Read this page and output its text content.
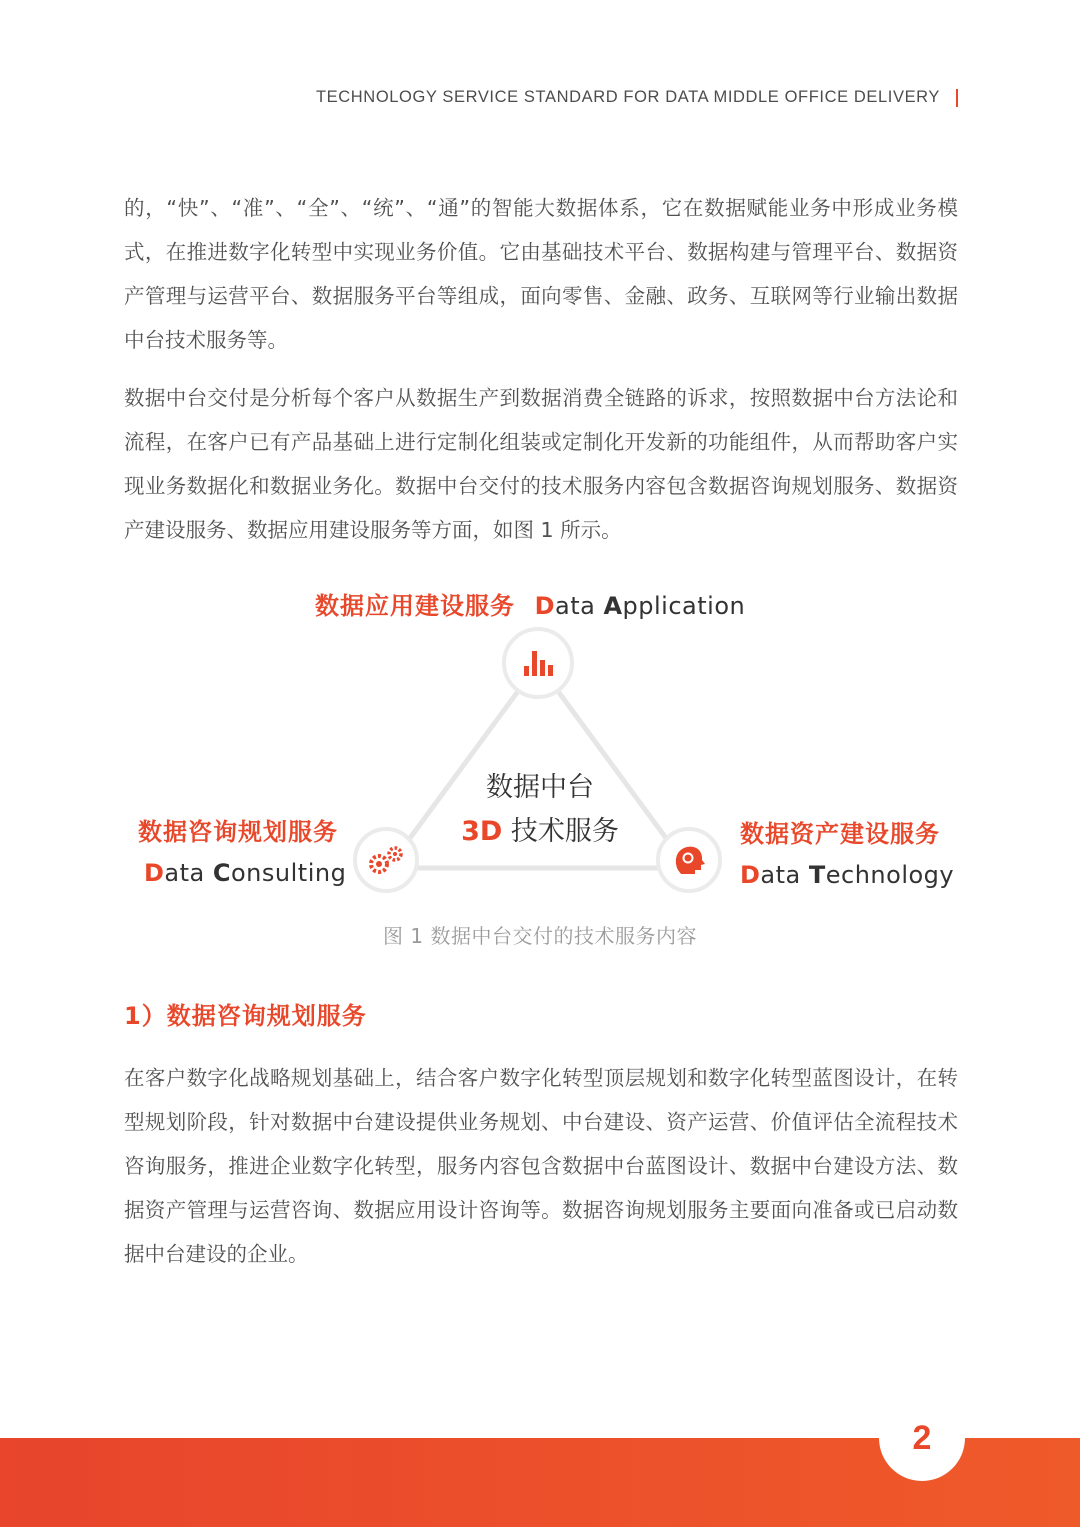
TECHNOLOGY SERVICE STANDARD FOR DATA MIDDLE OFFICE DELIVERY

的，“快”、“准”、“全”、“统”、“通”的智能大数据体系，它在数据赋能业务中形成业务模式，在推进数字化转型中实现业务价值。它由基础技术平台、数据构建与管理平台、数据资产管理与运营平台、数据服务平台等组成，面向零售、金融、政务、互联网等行业输出数据中台技术服务等。

数据中台交付是分析每个客户从数据生产到数据消费全链路的诉求，按照数据中台方法论和流程，在客户已有产品基础上进行定制化组装或定制化开发新的功能组件，从而帮助客户实现业务数据化和数据业务化。数据中台交付的技术服务内容包含数据咨询规划服务、数据资产建设服务、数据应用建设服务等方面，如图 1 所示。

数据应用建设服务 Data Application
数据咨询规划服务
Data Consulting
数据资产建设服务
Data Technology
数据中台
3D 技术服务
图 1 数据中台交付的技术服务内容
1）数据咨询规划服务

在客户数字化战略规划基础上，结合客户数字化转型顶层规划和数字化转型蓝图设计，在转型规划阶段，针对数据中台建设提供业务规划、中台建设、资产运营、价值评估全流程技术咨询服务，推进企业数字化转型，服务内容包含数据中台蓝图设计、数据中台建设方法、数据资产管理与运营咨询、数据应用设计咨询等。数据咨询规划服务主要面向准备或已启动数据中台建设的企业。

2
